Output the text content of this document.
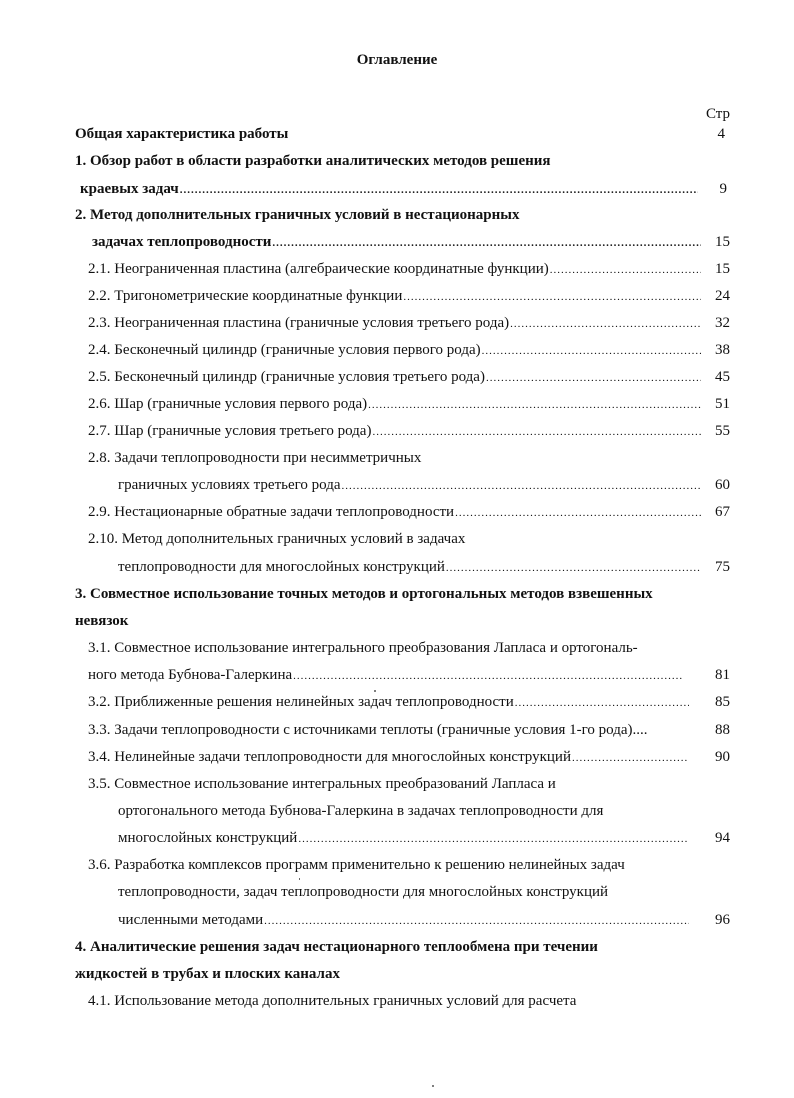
Оглавление
Стр
Общая характеристика работы	4
1. Обзор работ в области разработки аналитических методов решения
краевых задач .....	9
2. Метод дополнительных граничных условий в нестационарных
задачах теплопроводности .....	15
2.1. Неограниченная пластина (алгебраические координатные функции) .....	15
2.2. Тригонометрические координатные функции .....	24
2.3. Неограниченная пластина (граничные условия третьего рода) .....	32
2.4. Бесконечный цилиндр (граничные условия первого рода) .....	38
2.5. Бесконечный цилиндр (граничные условия третьего рода) .....	45
2.6. Шар (граничные условия первого рода) .....	51
2.7. Шар (граничные условия третьего рода) .....	55
2.8. Задачи теплопроводности при несимметричных
граничных условиях третьего рода .....	60
2.9. Нестационарные обратные задачи теплопроводности .....	67
2.10. Метод дополнительных граничных условий в задачах
теплопроводности для многослойных конструкций .....	75
3. Совместное использование точных методов и ортогональных методов взвешенных
невязок
3.1. Совместное использование интегрального преобразования Лапласа и ортогональ-
ного метода Бубнова-Галеркина .....	81
3.2. Приближенные решения нелинейных задач теплопроводности .....	85
3.3. Задачи теплопроводности с источниками теплоты (граничные условия 1-го рода)....	88
3.4. Нелинейные задачи теплопроводности для многослойных конструкций .....	90
3.5. Совместное использование интегральных преобразований Лапласа и
ортогонального метода Бубнова-Галеркина в задачах теплопроводности для
многослойных конструкций .....	94
3.6. Разработка комплексов программ применительно к решению нелинейных задач
теплопроводности, задач теплопроводности для многослойных конструкций
численными методами .....	96
4. Аналитические решения задач нестационарного теплообмена при течении
жидкостей в трубах и плоских каналах
4.1. Использование метода дополнительных граничных условий для расчета
